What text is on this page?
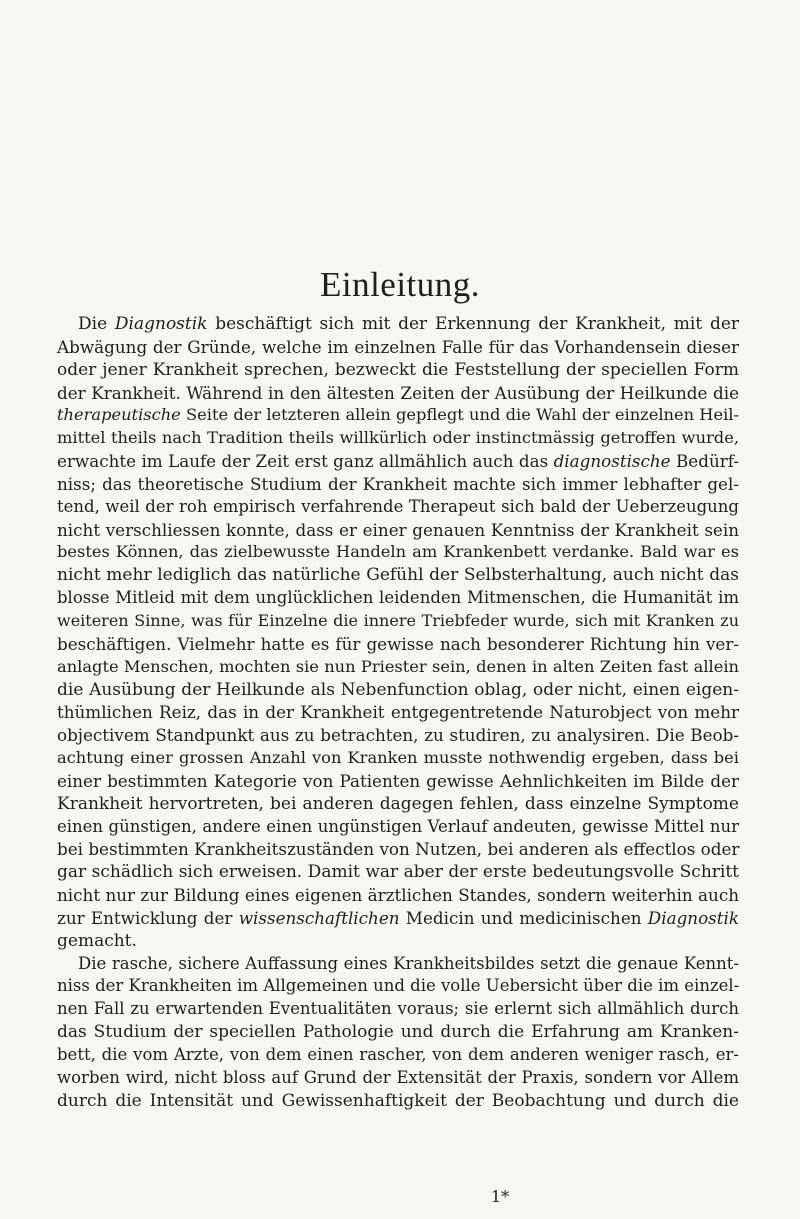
Einleitung.
Die Diagnostik beschäftigt sich mit der Erkennung der Krankheit, mit der
Abwägung der Gründe, welche im einzelnen Falle für das Vorhandensein dieser
oder jener Krankheit sprechen, bezweckt die Feststellung der speciellen Form
der Krankheit. Während in den ältesten Zeiten der Ausübung der Heilkunde die
therapeutische Seite der letzteren allein gepflegt und die Wahl der einzelnen Heil-
mittel theils nach Tradition theils willkürlich oder instinctmässig getroffen wurde,
erwachte im Laufe der Zeit erst ganz allmählich auch das diagnostische Bedürf-
niss; das theoretische Studium der Krankheit machte sich immer lebhafter gel-
tend, weil der roh empirisch verfahrende Therapeut sich bald der Ueberzeugung
nicht verschliessen konnte, dass er einer genauen Kenntniss der Krankheit sein
bestes Können, das zielbewusste Handeln am Krankenbett verdanke. Bald war es
nicht mehr lediglich das natürliche Gefühl der Selbsterhaltung, auch nicht das
blosse Mitleid mit dem unglücklichen leidenden Mitmenschen, die Humanität im
weiteren Sinne, was für Einzelne die innere Triebfeder wurde, sich mit Kranken zu
beschäftigen. Vielmehr hatte es für gewisse nach besonderer Richtung hin ver-
anlagte Menschen, mochten sie nun Priester sein, denen in alten Zeiten fast allein
die Ausübung der Heilkunde als Nebenfunction oblag, oder nicht, einen eigen-
thümlichen Reiz, das in der Krankheit entgegentretende Naturobject von mehr
objectivem Standpunkt aus zu betrachten, zu studiren, zu analysiren. Die Beob-
achtung einer grossen Anzahl von Kranken musste nothwendig ergeben, dass bei
einer bestimmten Kategorie von Patienten gewisse Aehnlichkeiten im Bilde der
Krankheit hervortreten, bei anderen dagegen fehlen, dass einzelne Symptome
einen günstigen, andere einen ungünstigen Verlauf andeuten, gewisse Mittel nur
bei bestimmten Krankheitszuständen von Nutzen, bei anderen als effectlos oder
gar schädlich sich erweisen. Damit war aber der erste bedeutungsvolle Schritt
nicht nur zur Bildung eines eigenen ärztlichen Standes, sondern weiterhin auch
zur Entwicklung der wissenschaftlichen Medicin und medicinischen Diagnostik
gemacht.
Die rasche, sichere Auffassung eines Krankheitsbildes setzt die genaue Kennt-
niss der Krankheiten im Allgemeinen und die volle Uebersicht über die im einzel-
nen Fall zu erwartenden Eventualitäten voraus; sie erlernt sich allmählich durch
das Studium der speciellen Pathologie und durch die Erfahrung am Kranken-
bett, die vom Arzte, von dem einen rascher, von dem anderen weniger rasch, er-
worben wird, nicht bloss auf Grund der Extensität der Praxis, sondern vor Allem
durch die Intensität und Gewissenhaftigkeit der Beobachtung und durch die
1*
